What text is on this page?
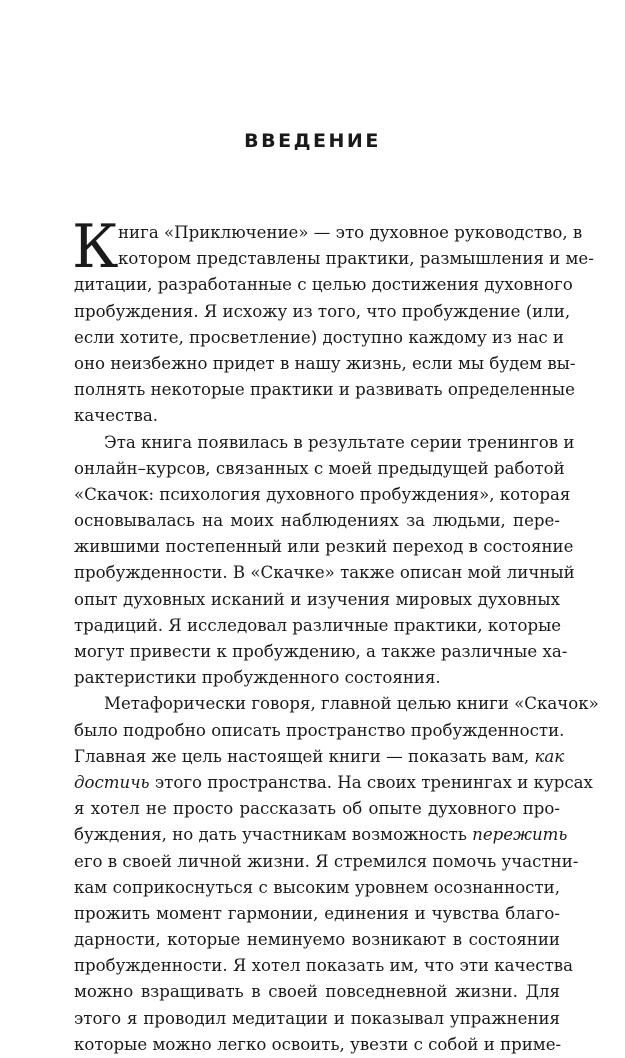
ВВЕДЕНИЕ
К нига «Приключение» — это духовное руководство, в
котором представлены практики, размышления и ме-
дитации, разработанные с целью достижения духовного
пробуждения. Я исхожу из того, что пробуждение (или,
если хотите, просветление) доступно каждому из нас и
оно неизбежно придет в нашу жизнь, если мы будем вы-
полнять некоторые практики и развивать определенные
качества.
Эта книга появилась в результате серии тренингов и
онлайн–курсов, связанных с моей предыдущей работой
«Скачок: психология духовного пробуждения», которая
основывалась на моих наблюдениях за людьми, пере-
жившими постепенный или резкий переход в состояние
пробужденности. В «Скачке» также описан мой личный
опыт духовных исканий и изучения мировых духовных
традиций. Я исследовал различные практики, которые
могут привести к пробуждению, а также различные ха-
рактеристики пробужденного состояния.
Метафорически говоря, главной целью книги «Скачок»
было подробно описать пространство пробужденности.
Главная же цель настоящей книги — показать вам, как
достичь этого пространства. На своих тренингах и курсах
я хотел не просто рассказать об опыте духовного про-
буждения, но дать участникам возможность пережить
его в своей личной жизни. Я стремился помочь участни-
кам соприкоснуться с высоким уровнем осознанности,
прожить момент гармонии, единения и чувства благо-
дарности, которые неминуемо возникают в состоянии
пробужденности. Я хотел показать им, что эти качества
можно взращивать в своей повседневной жизни. Для
этого я проводил медитации и показывал упражнения
которые можно легко освоить, увезти с собой и приме-
